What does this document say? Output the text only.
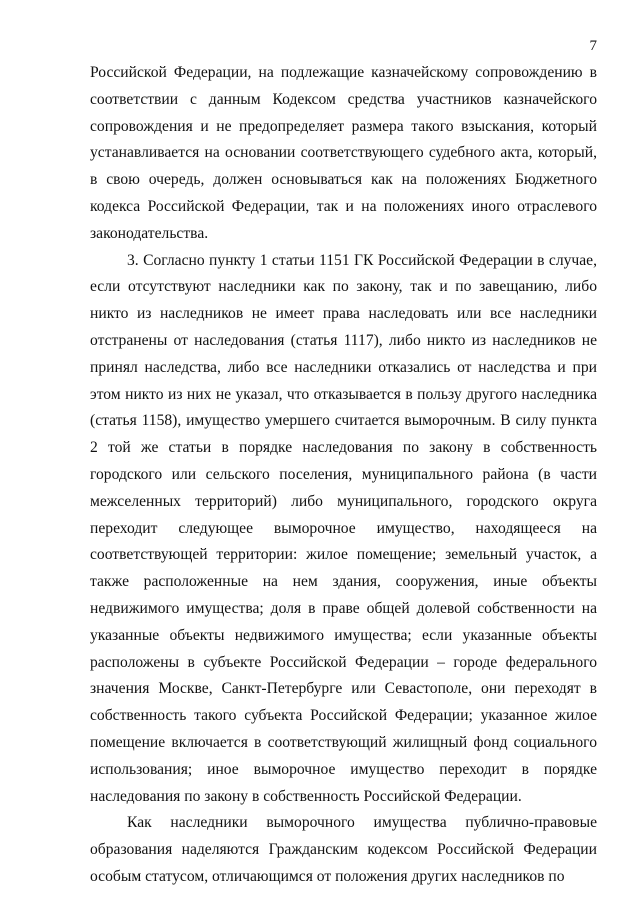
7

Российской Федерации, на подлежащие казначейскому сопровождению в соответствии с данным Кодексом средства участников казначейского сопровождения и не предопределяет размера такого взыскания, который устанавливается на основании соответствующего судебного акта, который, в свою очередь, должен основываться как на положениях Бюджетного кодекса Российской Федерации, так и на положениях иного отраслевого законодательства.

3. Согласно пункту 1 статьи 1151 ГК Российской Федерации в случае, если отсутствуют наследники как по закону, так и по завещанию, либо никто из наследников не имеет права наследовать или все наследники отстранены от наследования (статья 1117), либо никто из наследников не принял наследства, либо все наследники отказались от наследства и при этом никто из них не указал, что отказывается в пользу другого наследника (статья 1158), имущество умершего считается выморочным. В силу пункта 2 той же статьи в порядке наследования по закону в собственность городского или сельского поселения, муниципального района (в части межселенных территорий) либо муниципального, городского округа переходит следующее выморочное имущество, находящееся на соответствующей территории: жилое помещение; земельный участок, а также расположенные на нем здания, сооружения, иные объекты недвижимого имущества; доля в праве общей долевой собственности на указанные объекты недвижимого имущества; если указанные объекты расположены в субъекте Российской Федерации – городе федерального значения Москве, Санкт-Петербурге или Севастополе, они переходят в собственность такого субъекта Российской Федерации; указанное жилое помещение включается в соответствующий жилищный фонд социального использования; иное выморочное имущество переходит в порядке наследования по закону в собственность Российской Федерации.

Как наследники выморочного имущества публично-правовые образования наделяются Гражданским кодексом Российской Федерации особым статусом, отличающимся от положения других наследников по
